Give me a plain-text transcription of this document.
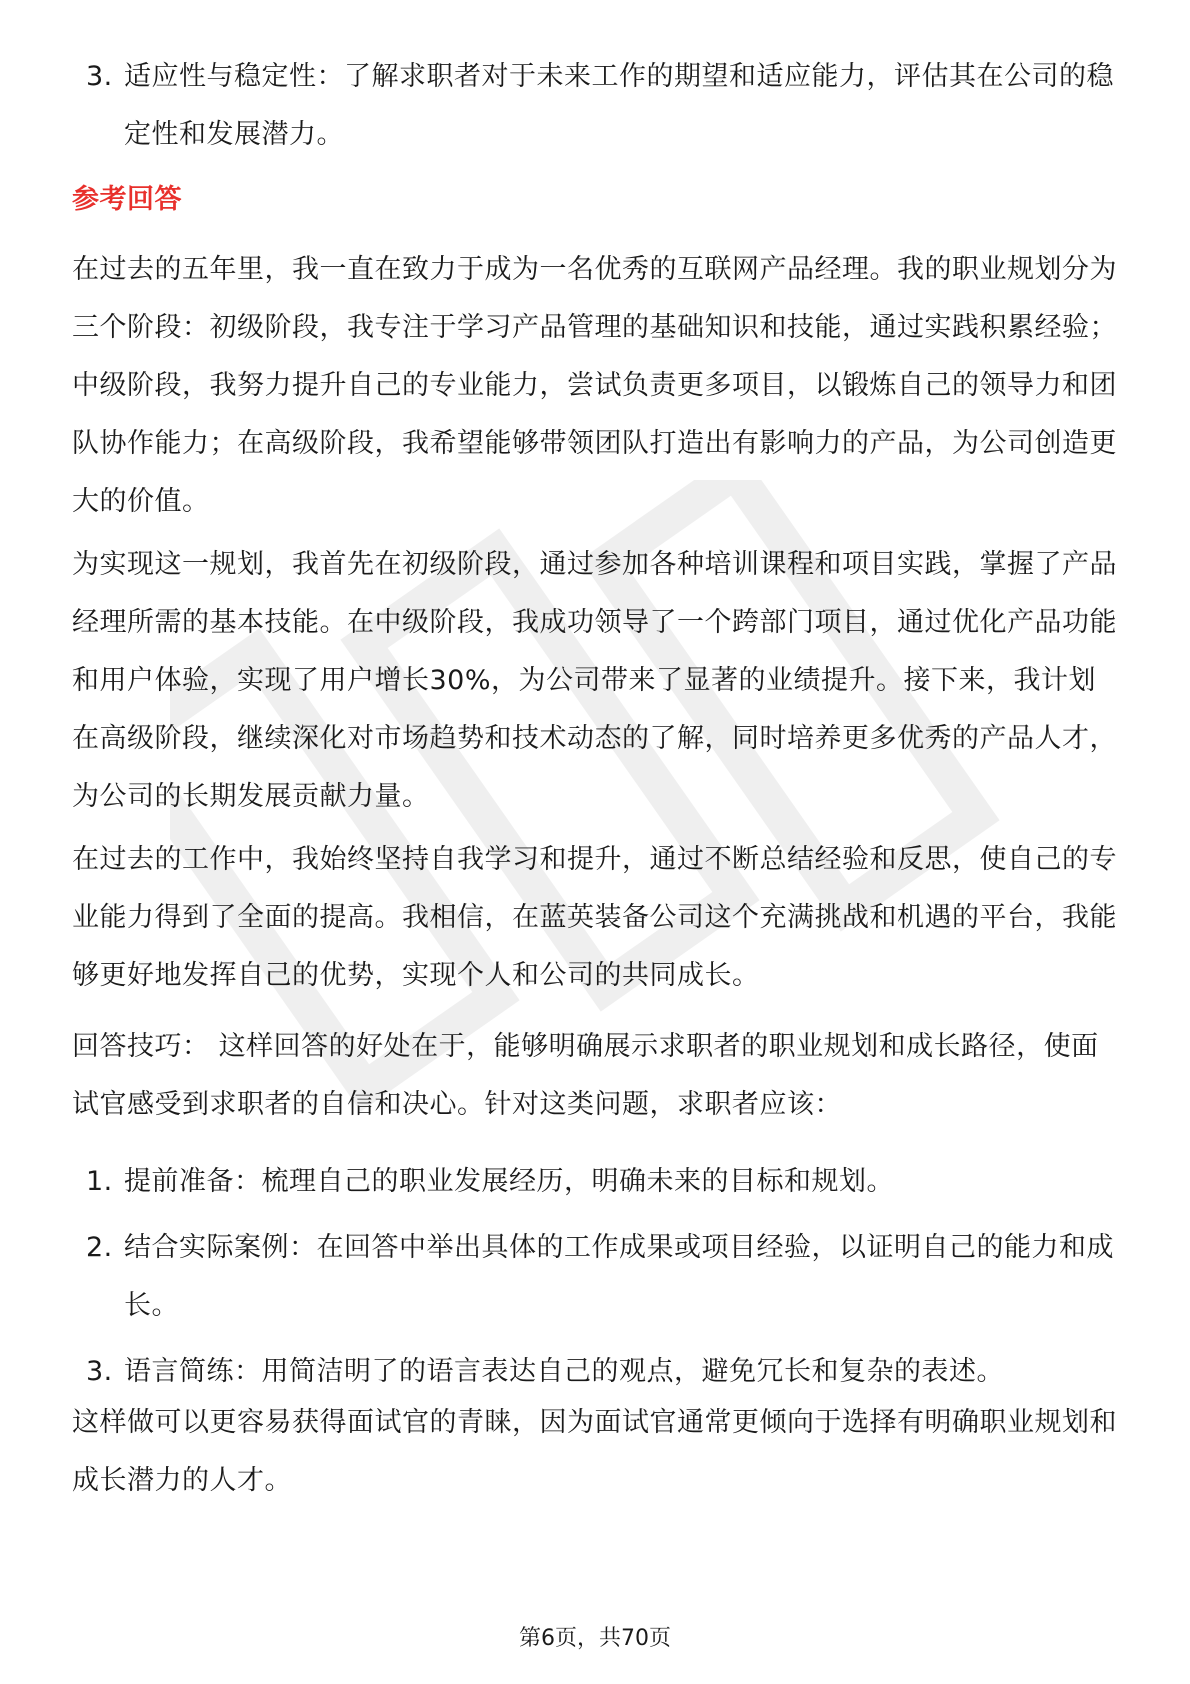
3. 适应性与稳定性：了解求职者对于未来工作的期望和适应能力，评估其在公司的稳定性和发展潜力。
参考回答

在过去的五年里，我一直在致力于成为一名优秀的互联网产品经理。我的职业规划分为三个阶段：初级阶段，我专注于学习产品管理的基础知识和技能，通过实践积累经验；中级阶段，我努力提升自己的专业能力，尝试负责更多项目，以锻炼自己的领导力和团队协作能力；在高级阶段，我希望能够带领团队打造出有影响力的产品，为公司创造更大的价值。

为实现这一规划，我首先在初级阶段，通过参加各种培训课程和项目实践，掌握了产品经理所需的基本技能。在中级阶段，我成功领导了一个跨部门项目，通过优化产品功能和用户体验，实现了用户增长30%，为公司带来了显著的业绩提升。接下来，我计划在高级阶段，继续深化对市场趋势和技术动态的了解，同时培养更多优秀的产品人才，为公司的长期发展贡献力量。

在过去的工作中，我始终坚持自我学习和提升，通过不断总结经验和反思，使自己的专业能力得到了全面的提高。我相信，在蓝英装备公司这个充满挑战和机遇的平台，我能够更好地发挥自己的优势，实现个人和公司的共同成长。

回答技巧： 这样回答的好处在于，能够明确展示求职者的职业规划和成长路径，使面试官感受到求职者的自信和决心。针对这类问题，求职者应该：

1. 提前准备：梳理自己的职业发展经历，明确未来的目标和规划。
2. 结合实际案例：在回答中举出具体的工作成果或项目经验，以证明自己的能力和成长。
3. 语言简练：用简洁明了的语言表达自己的观点，避免冗长和复杂的表述。

这样做可以更容易获得面试官的青睐，因为面试官通常更倾向于选择有明确职业规划和成长潜力的人才。

第6页，共70页
